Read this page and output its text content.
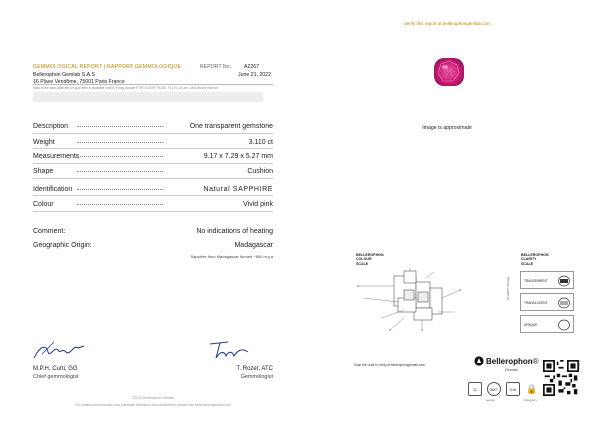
Verify this report at bellerophongemlab.com
GEMMOLOGICAL REPORT | RAPPORT GEMMOLOGIQUE
Bellerophon Gemlab S.A.S
16 Place Vendôme, 75001 Paris France
REPORT No.	A2267
June 21, 2022
Most of the data collected on your item is available online. It may include FTIR, EDXRF, RUSS, FL370, UV-vis, LIBS and/or Raman
Description	One transparent gemstone
Weight	3.110 ct
Measurements	9.17 x 7.29 x 5.27 mm
Shape	Cushion
Identification	Natural SAPPHIRE
Colour	Vivid pink
Comment:	No indications of heating
Geographic Origin:	Madagascar
Sapphire from Madagascar formed ~600 m.y.a
M.P.H. Curti, GG
Chief gemmologist
T. Rozet, ATC
Gemmologist
©2022 Bellerophon Gemlab
For additional information and important limitations and disclaimers, please see bellerophongemlab.com
Image is approximate
BELLEROPHON
COLOUR
SCALE
BELLEROPHON
CLARITY
SCALE
CLARITY SCALE	TRANSPARENT
TRANSLUCENT
OPAQUE
Scan the code to verify at bellerophongemlab.com	Bellerophon ®
Gemlab
⚖	360°	GIA	🔒
secure	hologram
A2267
